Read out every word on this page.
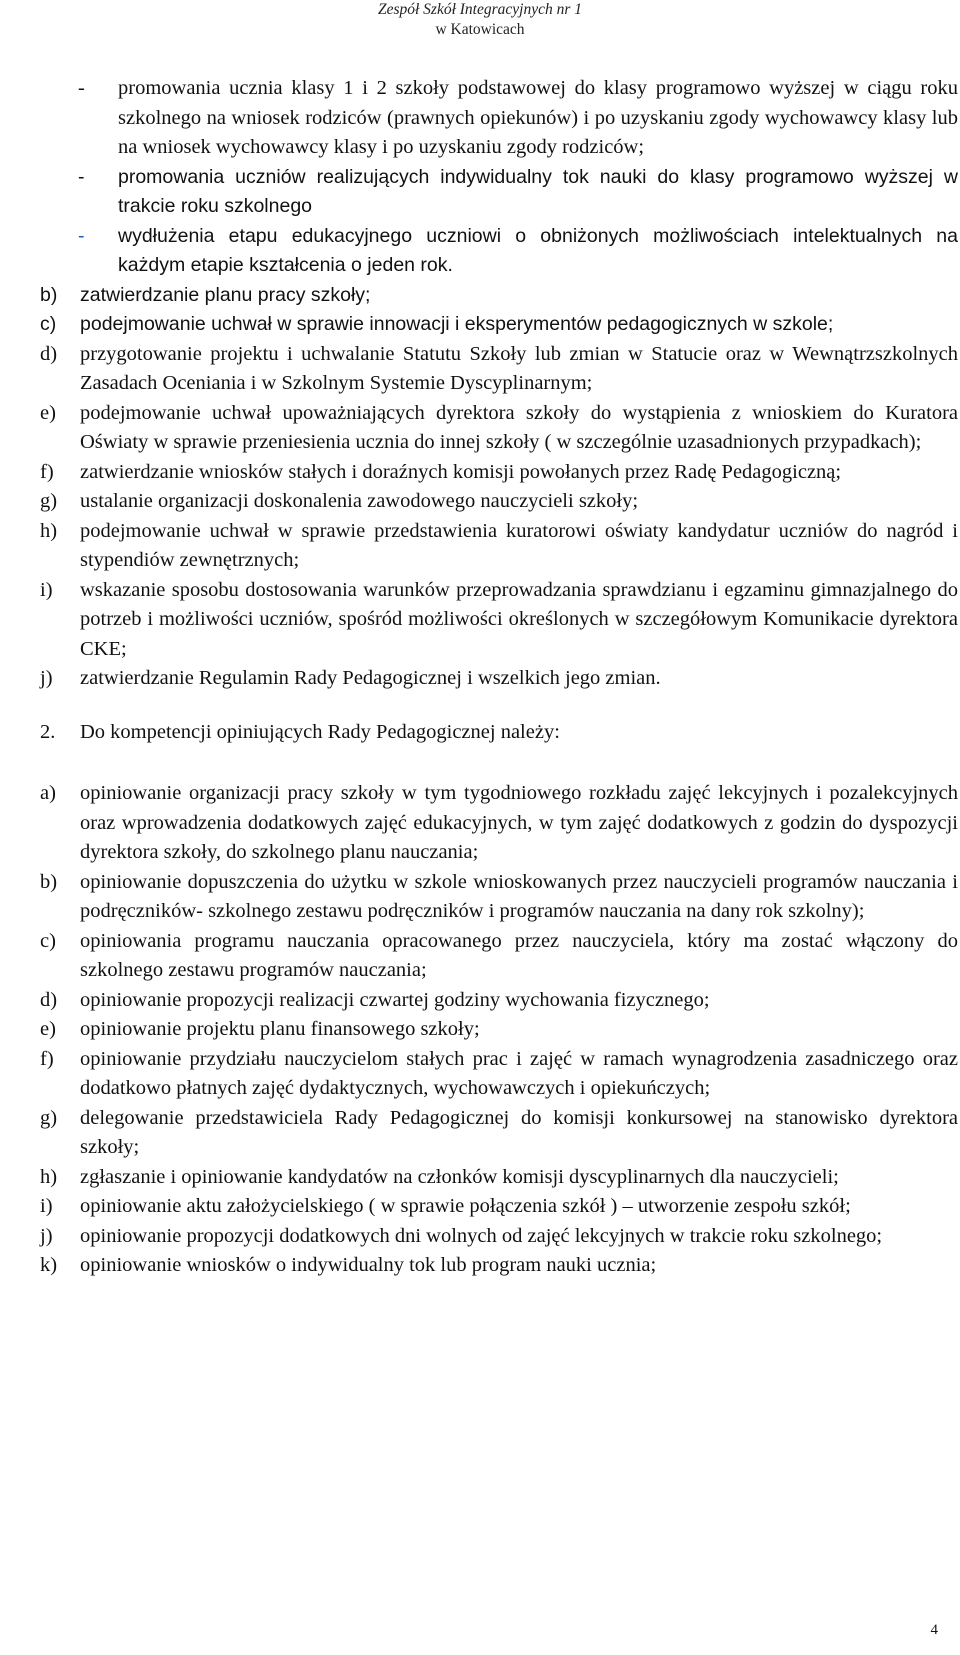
Zespół Szkół Integracyjnych nr 1
w Katowicach
- promowania ucznia klasy 1 i 2 szkoły podstawowej do klasy programowo wyższej w ciągu roku szkolnego na wniosek rodziców (prawnych opiekunów) i po uzyskaniu zgody wychowawcy klasy lub na wniosek wychowawcy klasy i po uzyskaniu zgody rodziców;
- promowania uczniów realizujących indywidualny tok nauki do klasy programowo wyższej w trakcie roku szkolnego
- wydłużenia etapu edukacyjnego uczniowi o obniżonych możliwościach intelektualnych na każdym etapie kształcenia o jeden rok.
b) zatwierdzanie planu pracy szkoły;
c) podejmowanie uchwał w sprawie innowacji i eksperymentów pedagogicznych w szkole;
d) przygotowanie projektu i uchwalanie Statutu Szkoły lub zmian w Statucie oraz w Wewnątrzszkolnych Zasadach Oceniania i w Szkolnym Systemie Dyscyplinarnym;
e) podejmowanie uchwał upoważniających dyrektora szkoły do wystąpienia z wnioskiem do Kuratora Oświaty w sprawie przeniesienia ucznia do innej szkoły ( w szczególnie uzasadnionych przypadkach);
f) zatwierdzanie wniosków stałych i doraźnych komisji powołanych przez Radę Pedagogiczną;
g) ustalanie organizacji doskonalenia zawodowego nauczycieli szkoły;
h) podejmowanie uchwał w sprawie przedstawienia kuratorowi oświaty kandydatur uczniów do nagród i stypendiów zewnętrznych;
i) wskazanie sposobu dostosowania warunków przeprowadzania sprawdzianu i egzaminu gimnazjalnego do potrzeb i możliwości uczniów, spośród możliwości określonych w szczegółowym Komunikacie dyrektora CKE;
j) zatwierdzanie Regulamin Rady Pedagogicznej i wszelkich jego zmian.
2. Do kompetencji opiniujących Rady Pedagogicznej należy:
a) opiniowanie organizacji pracy szkoły w tym tygodniowego rozkładu zajęć lekcyjnych i pozalekcyjnych oraz wprowadzenia dodatkowych zajęć edukacyjnych, w tym zajęć dodatkowych z godzin do dyspozycji dyrektora szkoły, do szkolnego planu nauczania;
b) opiniowanie dopuszczenia do użytku w szkole wnioskowanych przez nauczycieli programów nauczania i podręczników- szkolnego zestawu podręczników i programów nauczania na dany rok szkolny);
c) opiniowania programu nauczania opracowanego przez nauczyciela, który ma zostać włączony do szkolnego zestawu programów nauczania;
d) opiniowanie propozycji realizacji czwartej godziny wychowania fizycznego;
e) opiniowanie projektu planu finansowego szkoły;
f) opiniowanie przydziału nauczycielom stałych prac i zajęć w ramach wynagrodzenia zasadniczego oraz dodatkowo płatnych zajęć dydaktycznych, wychowawczych i opiekuńczych;
g) delegowanie przedstawiciela Rady Pedagogicznej do komisji konkursowej na stanowisko dyrektora szkoły;
h) zgłaszanie i opiniowanie kandydatów na członków komisji dyscyplinarnych dla nauczycieli;
i) opiniowanie aktu założycielskiego ( w sprawie połączenia szkół ) – utworzenie zespołu szkół;
j) opiniowanie propozycji dodatkowych dni wolnych od zajęć lekcyjnych w trakcie roku szkolnego;
k) opiniowanie wniosków o indywidualny tok lub program nauki ucznia;
4
